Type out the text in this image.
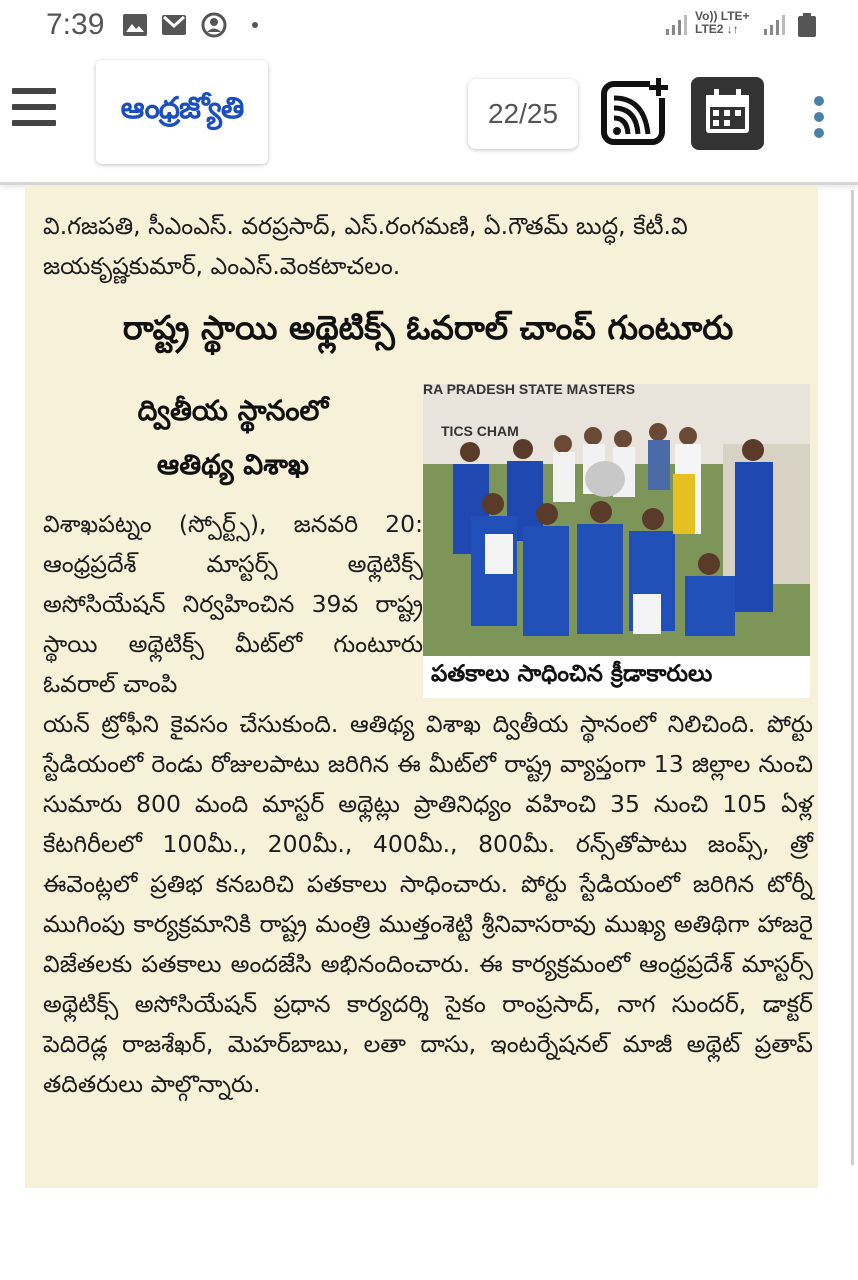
7:39	Vo)) LTE+
LTE2 ↓↑
ఆంధ్రజ్యోతి	22/25
వి.గజపతి, సీఎంఎస్. వరప్రసాద్, ఎస్.రంగమణి, ఏ.గౌతమ్ బుద్ధ, కేటీ.వి
జయకృష్ణకుమార్, ఎంఎస్.వెంకటాచలం.
రాష్ట్ర స్థాయి అథ్లెటిక్స్ ఓవరాల్ చాంప్ గుంటూరు
ద్వితీయ స్థానంలో
ఆతిథ్య విశాఖ
విశాఖపట్నం (స్పోర్ట్స్), జనవరి 20: ఆంధ్రప్రదేశ్ మాస్టర్స్ అథ్లెటిక్స్ అసోసియేషన్ నిర్వహించిన 39వ రాష్ట్ర స్థాయి అథ్లెటిక్స్ మీట్‌లో గుంటూరు ఓవరాల్ చాంపి
RA PRADESH STATE MASTERS
TICS CHAM
పతకాలు సాధించిన క్రీడాకారులు
యన్ ట్రోఫీని కైవసం చేసుకుంది. ఆతిథ్య విశాఖ ద్వితీయ స్థానంలో నిలిచింది. పోర్టు స్టేడియంలో రెండు రోజులపాటు జరిగిన ఈ మీట్‌లో రాష్ట్ర వ్యాప్తంగా 13 జిల్లాల నుంచి సుమారు 800 మంది మాస్టర్ అథ్లెట్లు ప్రాతినిధ్యం వహించి 35 నుంచి 105 ఏళ్ల కేటగిరీలలో 100మీ., 200మీ., 400మీ., 800మీ. రన్స్‌తోపాటు జంప్స్, త్రో ఈవెంట్లలో ప్రతిభ కనబరిచి పతకాలు సాధించారు. పోర్టు స్టేడియంలో జరిగిన టోర్నీ ముగింపు కార్యక్రమానికి రాష్ట్ర మంత్రి ముత్తంశెట్టి శ్రీనివాసరావు ముఖ్య అతిథిగా హాజరై విజేతలకు పతకాలు అందజేసి అభినందించారు. ఈ కార్యక్రమంలో ఆంధ్రప్రదేశ్ మాస్టర్స్ అథ్లెటిక్స్ అసోసియేషన్ ప్రధాన కార్యదర్శి సైకం రాంప్రసాద్, నాగ సుందర్, డాక్టర్ పెదిరెడ్ల రాజశేఖర్, మెహర్‌బాబు, లతా దాసు, ఇంటర్నేషనల్ మాజీ అథ్లెట్ ప్రతాప్ తదితరులు పాల్గొన్నారు.
